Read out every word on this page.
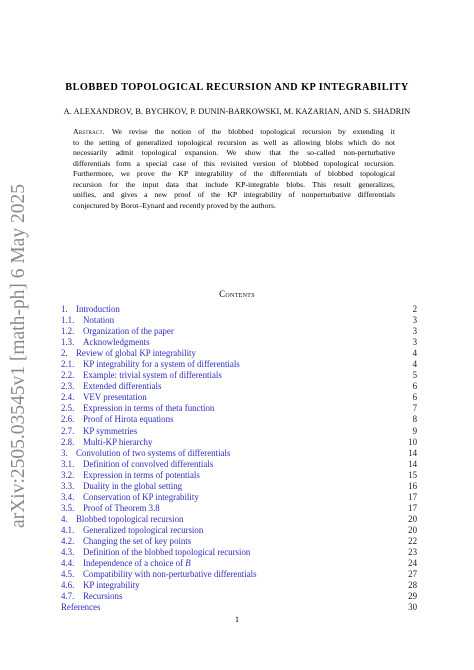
arXiv:2505.03545v1 [math-ph] 6 May 2025
BLOBBED TOPOLOGICAL RECURSION AND KP INTEGRABILITY
A. ALEXANDROV, B. BYCHKOV, P. DUNIN-BARKOWSKI, M. KAZARIAN, AND S. SHADRIN
Abstract. We revise the notion of the blobbed topological recursion by extending it
to the setting of generalized topological recursion as well as allowing blobs which do not
necessarily admit topological expansion. We show that the so-called non-perturbative
differentials form a special case of this revisited version of blobbed topological recursion.
Furthermore, we prove the KP integrability of the differentials of blobbed topological
recursion for the input data that include KP-integrable blobs. This result generalizes,
unifies, and gives a new proof of the KP integrability of nonperturbative differentials
conjectured by Borot–Eynard and recently proved by the authors.
Contents
1. Introduction	2
1.1. Notation	3
1.2. Organization of the paper	3
1.3. Acknowledgments	3
2. Review of global KP integrability	4
2.1. KP integrability for a system of differentials	4
2.2. Example: trivial system of differentials	5
2.3. Extended differentials	6
2.4. VEV presentation	6
2.5. Expression in terms of theta function	7
2.6. Proof of Hirota equations	8
2.7. KP symmetries	9
2.8. Multi-KP hierarchy	10
3. Convolution of two systems of differentials	14
3.1. Definition of convolved differentials	14
3.2. Expression in terms of potentials	15
3.3. Duality in the global setting	16
3.4. Conservation of KP integrability	17
3.5. Proof of Theorem 3.8	17
4. Blobbed topological recursion	20
4.1. Generalized topological recursion	20
4.2. Changing the set of key points	22
4.3. Definition of the blobbed topological recursion	23
4.4. Independence of a choice of B	24
4.5. Compatibility with non-perturbative differentials	27
4.6. KP integrability	28
4.7. Recursions	29
References	30
1
